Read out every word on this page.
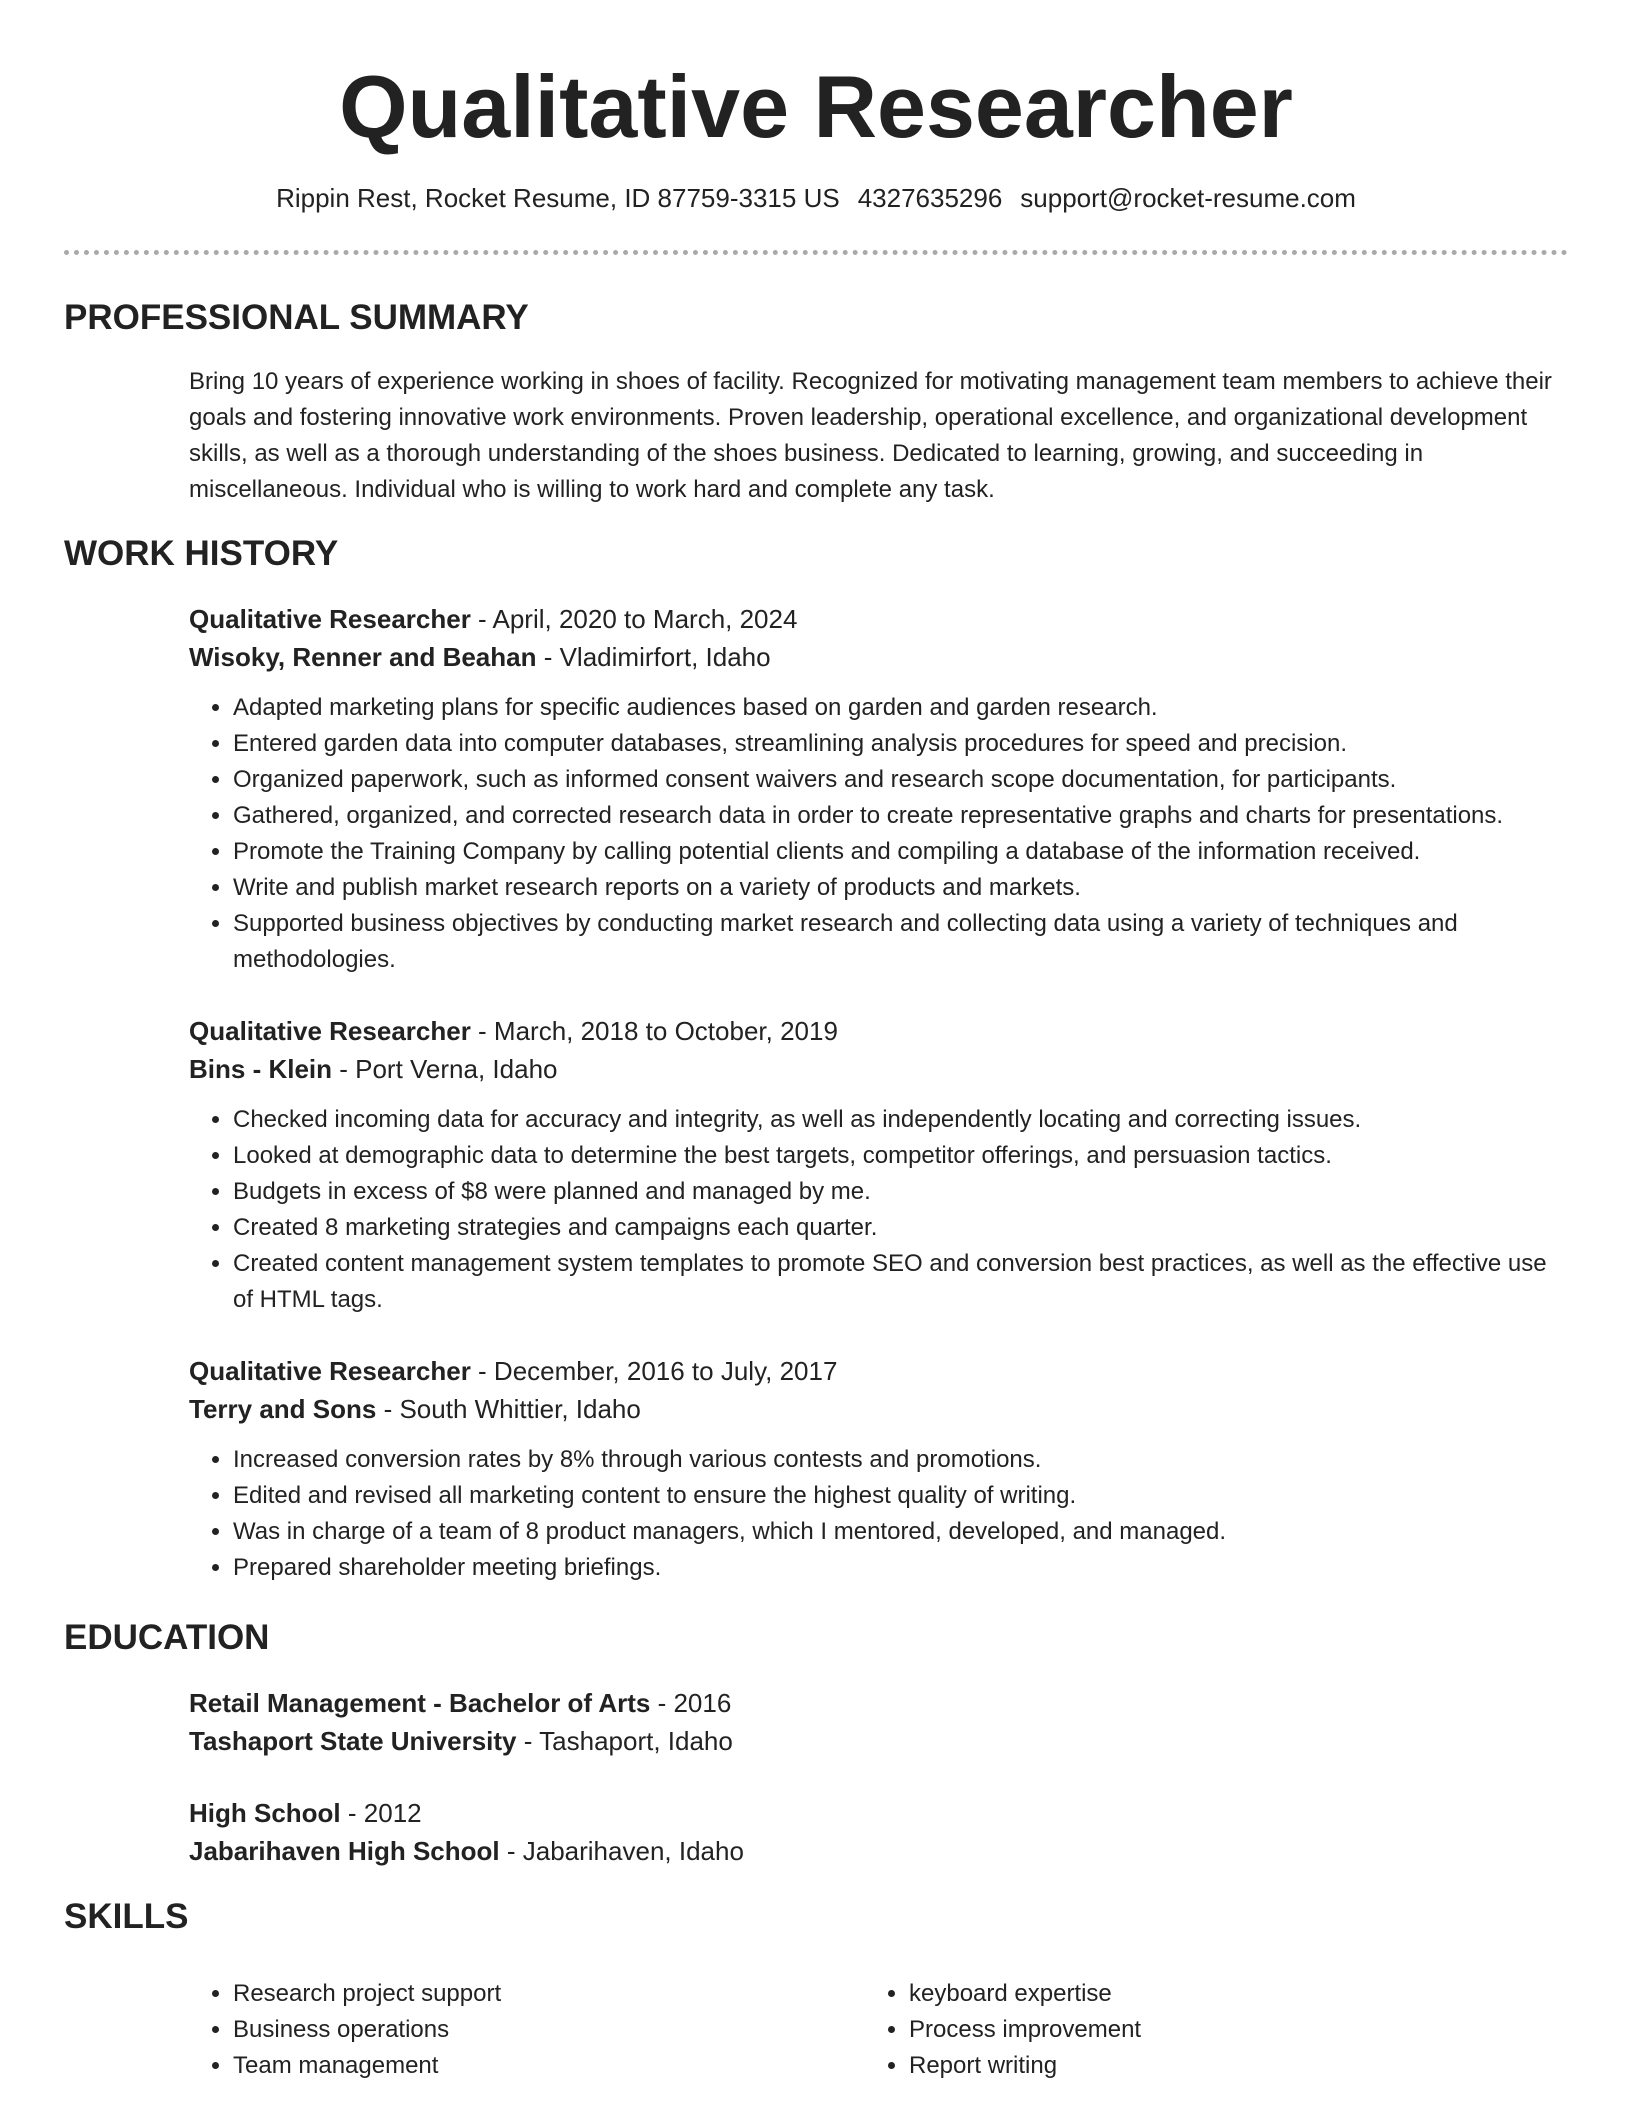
Qualitative Researcher
Rippin Rest, Rocket Resume, ID 87759-3315 US 4327635296 support@rocket-resume.com
PROFESSIONAL SUMMARY

Bring 10 years of experience working in shoes of facility. Recognized for motivating management team members to achieve their goals and fostering innovative work environments. Proven leadership, operational excellence, and organizational development skills, as well as a thorough understanding of the shoes business. Dedicated to learning, growing, and succeeding in miscellaneous. Individual who is willing to work hard and complete any task.

WORK HISTORY
Qualitative Researcher - April, 2020 to March, 2024
Wisoky, Renner and Beahan - Vladimirfort, Idaho
• Adapted marketing plans for specific audiences based on garden and garden research.
• Entered garden data into computer databases, streamlining analysis procedures for speed and precision.
• Organized paperwork, such as informed consent waivers and research scope documentation, for participants.
• Gathered, organized, and corrected research data in order to create representative graphs and charts for presentations.
• Promote the Training Company by calling potential clients and compiling a database of the information received.
• Write and publish market research reports on a variety of products and markets.
• Supported business objectives by conducting market research and collecting data using a variety of techniques and methodologies.
Qualitative Researcher - March, 2018 to October, 2019
Bins - Klein - Port Verna, Idaho
• Checked incoming data for accuracy and integrity, as well as independently locating and correcting issues.
• Looked at demographic data to determine the best targets, competitor offerings, and persuasion tactics.
• Budgets in excess of $8 were planned and managed by me.
• Created 8 marketing strategies and campaigns each quarter.
• Created content management system templates to promote SEO and conversion best practices, as well as the effective use of HTML tags.
Qualitative Researcher - December, 2016 to July, 2017
Terry and Sons - South Whittier, Idaho
• Increased conversion rates by 8% through various contests and promotions.
• Edited and revised all marketing content to ensure the highest quality of writing.
• Was in charge of a team of 8 product managers, which I mentored, developed, and managed.
• Prepared shareholder meeting briefings.
EDUCATION
Retail Management - Bachelor of Arts - 2016
Tashaport State University - Tashaport, Idaho
High School - 2012
Jabarihaven High School - Jabarihaven, Idaho
SKILLS
• Research project support
• Business operations
• Team management
• keyboard expertise
• Process improvement
• Report writing
